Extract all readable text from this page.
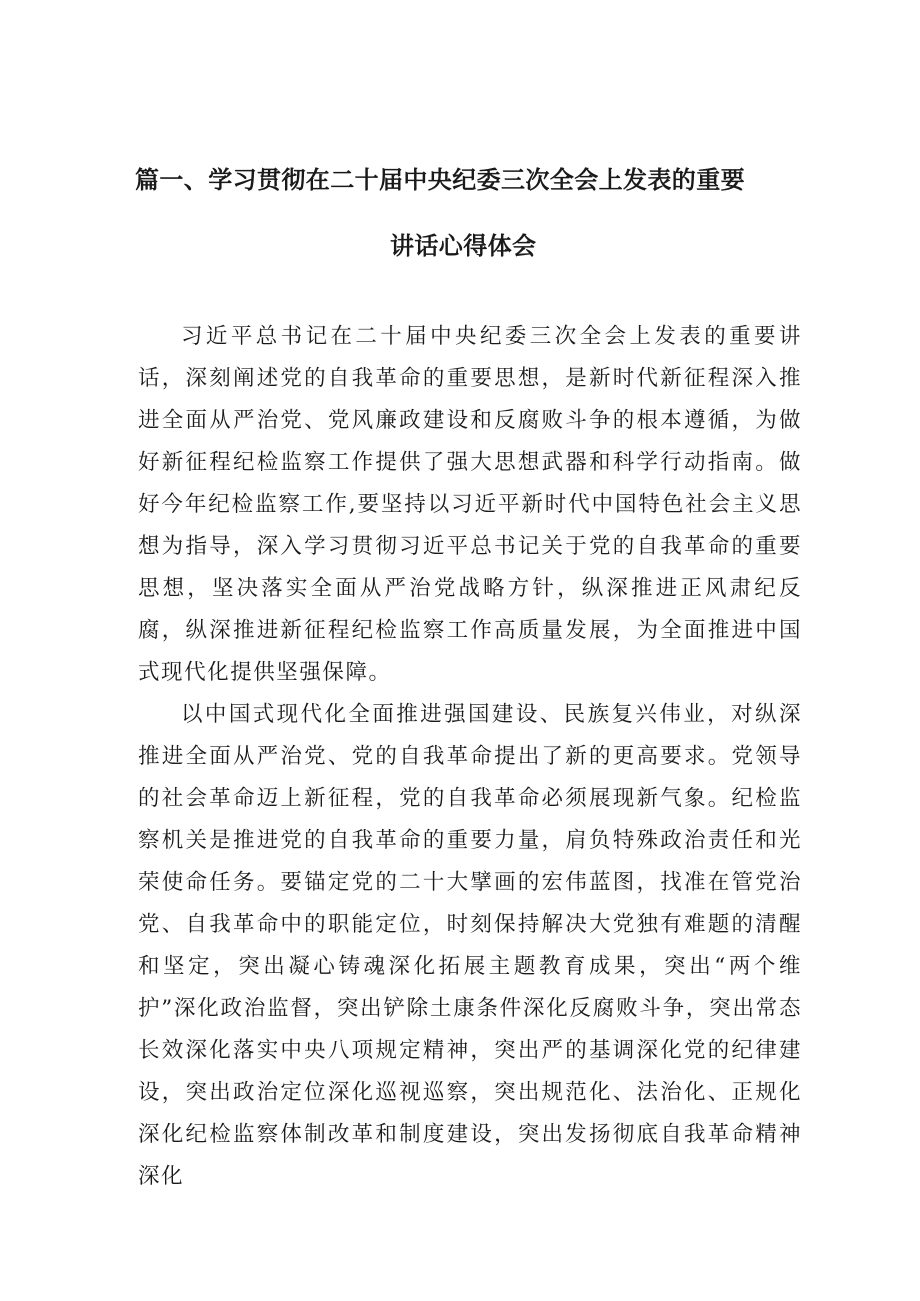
篇一、学习贯彻在二十届中央纪委三次全会上发表的重要
讲话心得体会

习近平总书记在二十届中央纪委三次全会上发表的重要讲话，深刻阐述党的自我革命的重要思想，是新时代新征程深入推进全面从严治党、党风廉政建设和反腐败斗争的根本遵循，为做好新征程纪检监察工作提供了强大思想武器和科学行动指南。做好今年纪检监察工作,要坚持以习近平新时代中国特色社会主义思想为指导，深入学习贯彻习近平总书记关于党的自我革命的重要思想，坚决落实全面从严治党战略方针，纵深推进正风肃纪反腐，纵深推进新征程纪检监察工作高质量发展，为全面推进中国式现代化提供坚强保障。

以中国式现代化全面推进强国建设、民族复兴伟业，对纵深推进全面从严治党、党的自我革命提出了新的更高要求。党领导的社会革命迈上新征程，党的自我革命必须展现新气象。纪检监察机关是推进党的自我革命的重要力量，肩负特殊政治责任和光荣使命任务。要锚定党的二十大擘画的宏伟蓝图，找准在管党治党、自我革命中的职能定位，时刻保持解决大党独有难题的清醒和坚定，突出凝心铸魂深化拓展主题教育成果，突出“两个维护”深化政治监督，突出铲除土康条件深化反腐败斗争，突出常态长效深化落实中央八项规定精神，突出严的基调深化党的纪律建设，突出政治定位深化巡视巡察，突出规范化、法治化、正规化深化纪检监察体制改革和制度建设，突出发扬彻底自我革命精神深化
